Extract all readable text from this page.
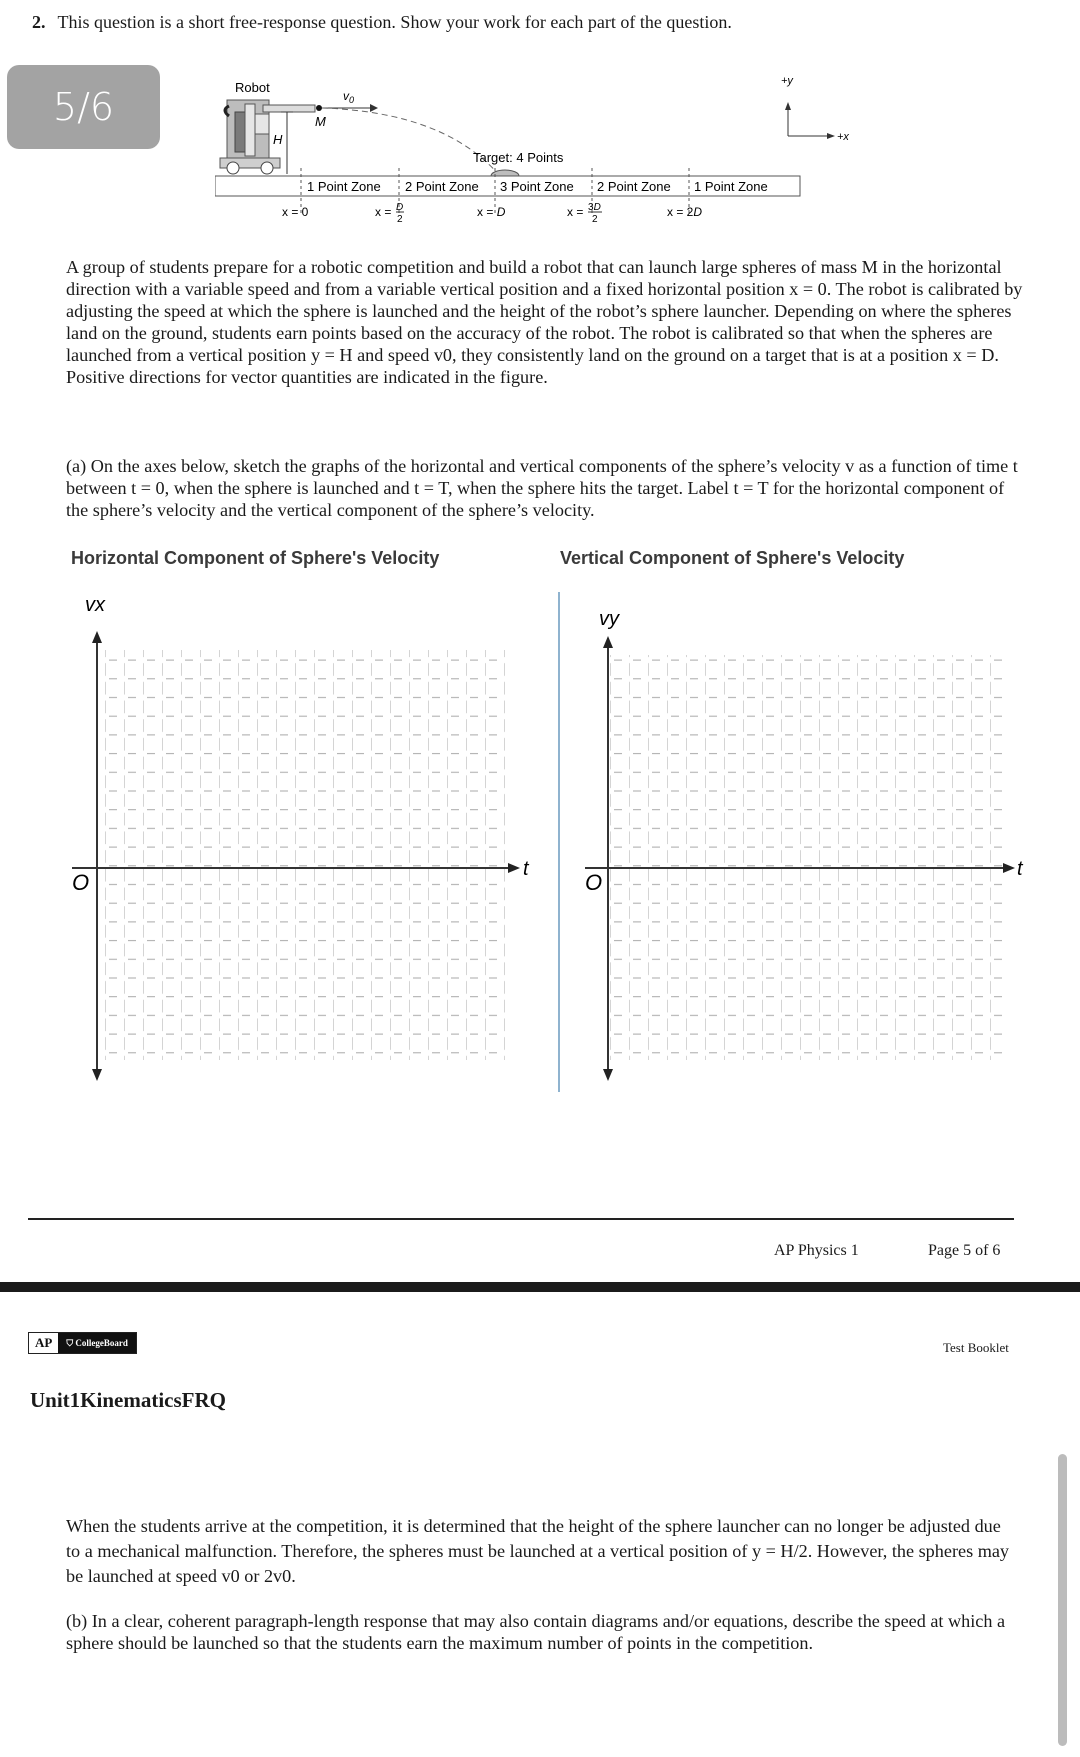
2. This question is a short free-response question. Show your work for each part of the question.
5/6	Robot
H
M
$v_0$
Target: 4 Points
1 Point Zone 2 Point Zone 3 Point Zone 2 Point Zone 1 Point Zone
x = 0	x = D
2
x = D	x = 3D
2
x = 2D
+y
+x
A group of students prepare for a robotic competition and build a robot that can launch large spheres of mass M in the horizontal direction with a variable speed and from a variable vertical position and a fixed horizontal position x = 0. The robot is calibrated by adjusting the speed at which the sphere is launched and the height of the robot’s sphere launcher. Depending on where the spheres land on the ground, students earn points based on the accuracy of the robot. The robot is calibrated so that when the spheres are launched from a vertical position y = H and speed v0, they consistently land on the ground on a target that is at a position x = D. Positive directions for vector quantities are indicated in the figure.
(a) On the axes below, sketch the graphs of the horizontal and vertical components of the sphere’s velocity v as a function of time t between t = 0, when the sphere is launched and t = T, when the sphere hits the target. Label t = T for the horizontal component of the sphere’s velocity and the vertical component of the sphere’s velocity.
Horizontal Component of Sphere's Velocity	Vertical Component of Sphere's Velocity
vx
t
O
vy
t
O
AP Physics 1	Page 5 of 6
AP	⛉ CollegeBoard	Test Booklet
Unit1KinematicsFRQ
When the students arrive at the competition, it is determined that the height of the sphere launcher can no longer be adjusted due to a mechanical malfunction. Therefore, the spheres must be launched at a vertical position of y = H/2. However, the spheres may be launched at speed v0 or 2v0.
(b) In a clear, coherent paragraph-length response that may also contain diagrams and/or equations, describe the speed at which a sphere should be launched so that the students earn the maximum number of points in the competition.
